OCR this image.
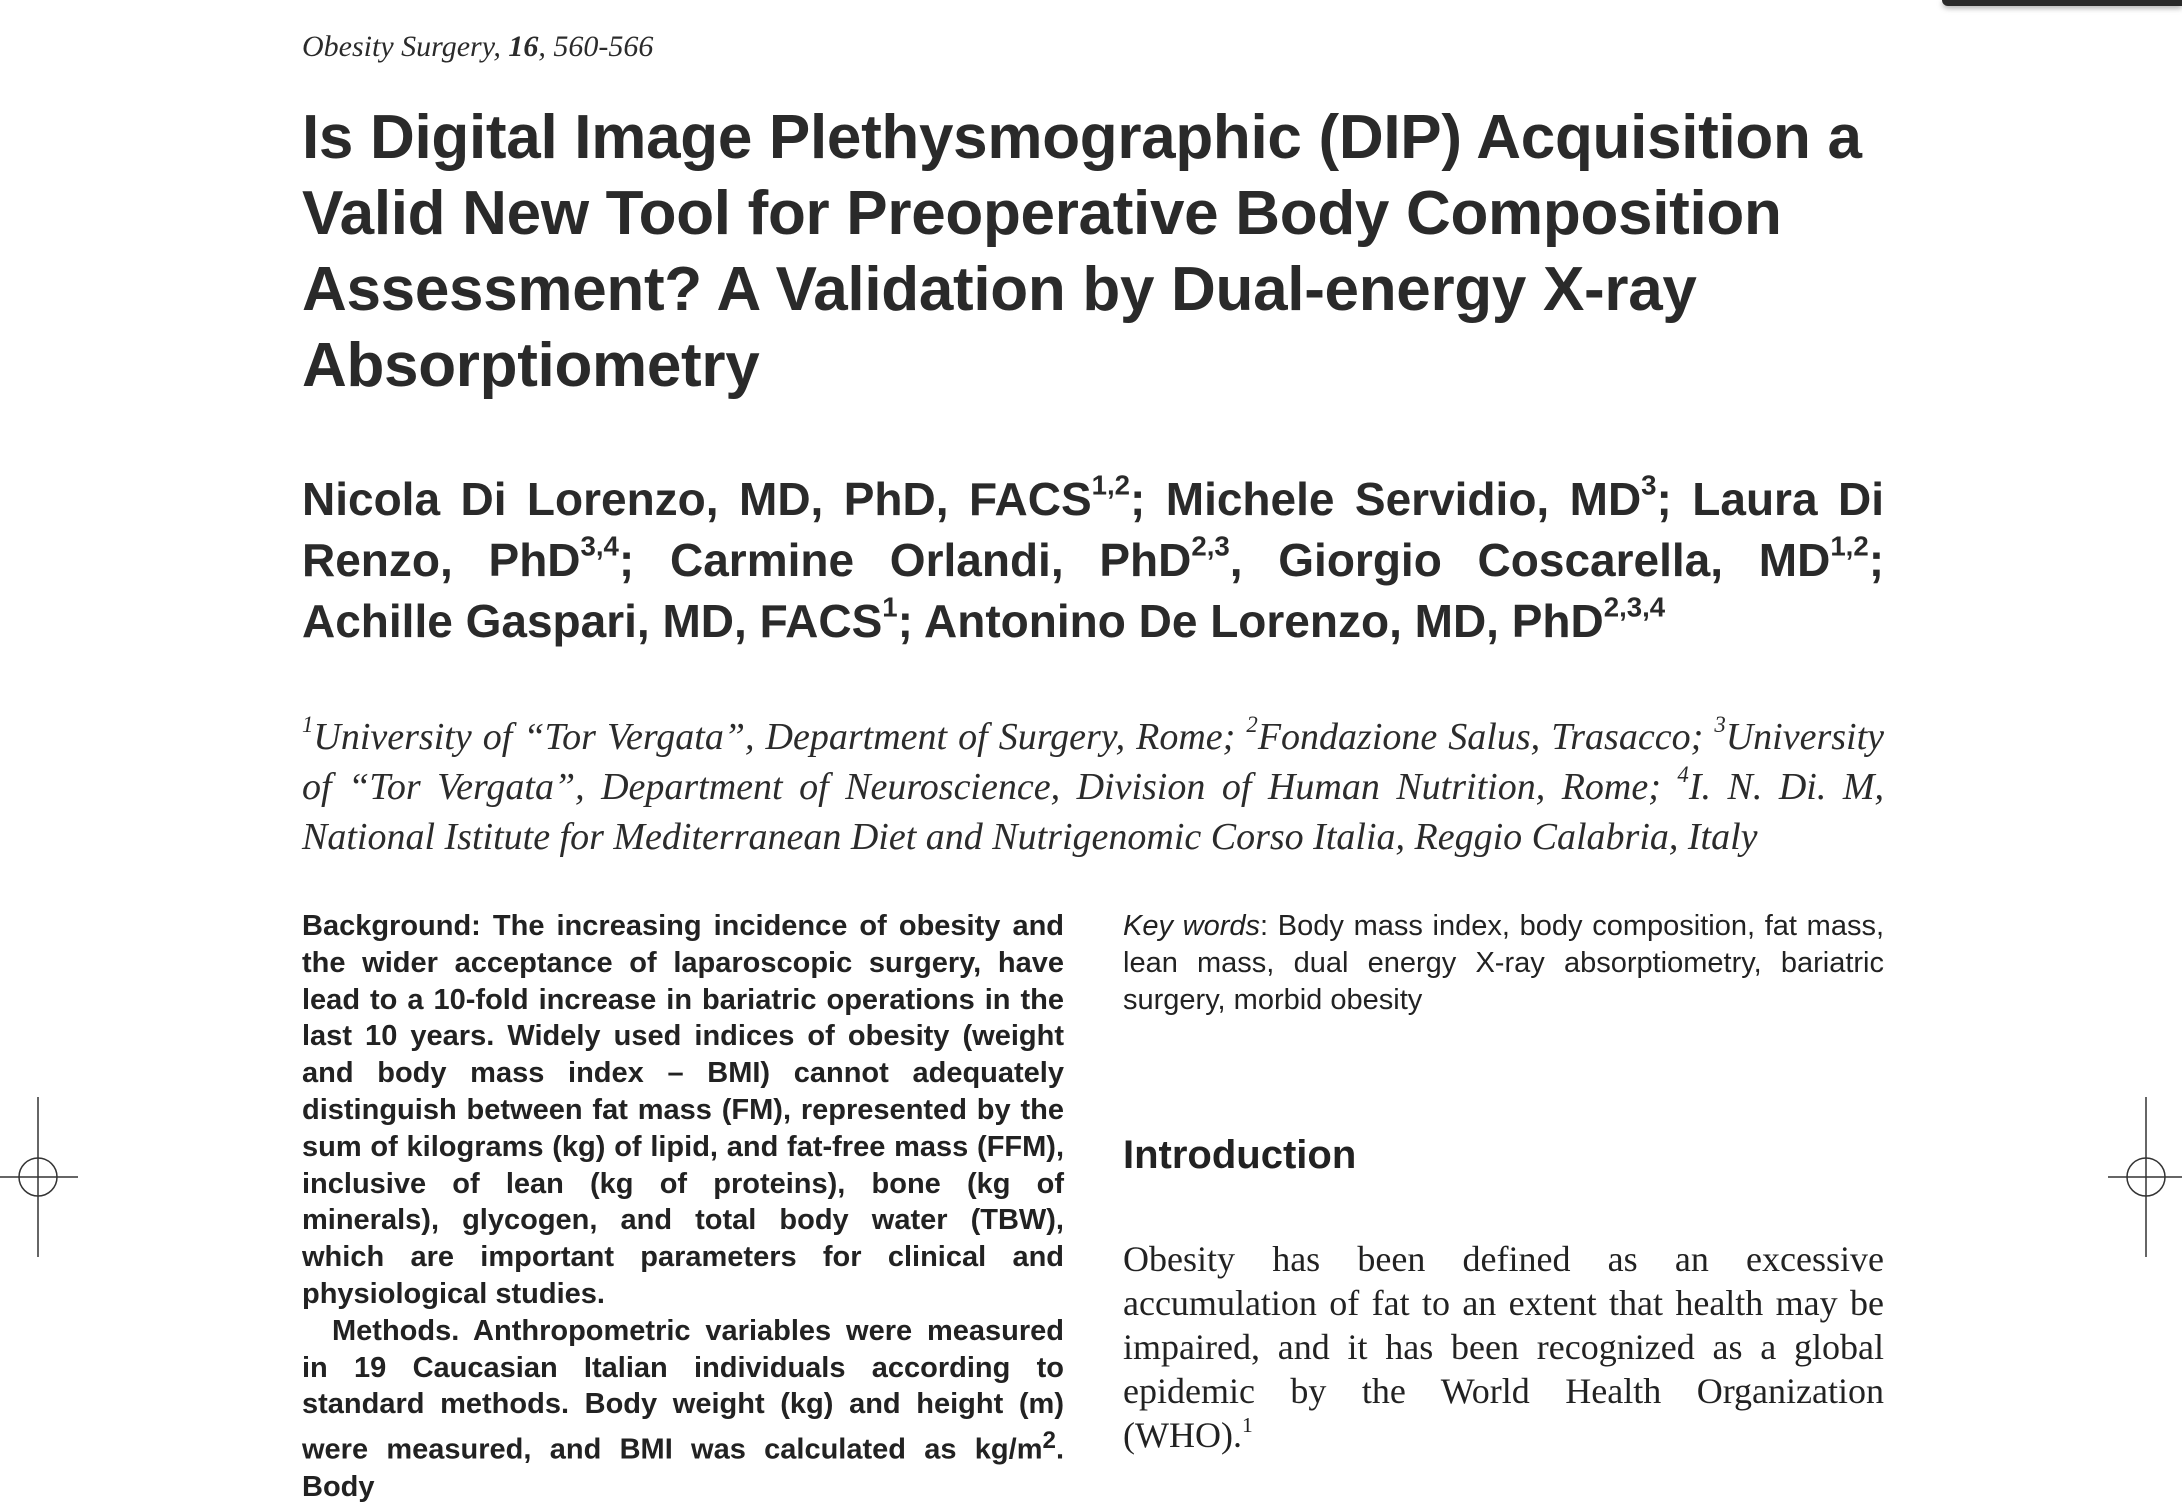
Obesity Surgery, 16, 560-566
Is Digital Image Plethysmographic (DIP) Acquisition a Valid New Tool for Preoperative Body Composition Assessment? A Validation by Dual-energy X-ray Absorptiometry

Nicola Di Lorenzo, MD, PhD, FACS$^{1,2}$; Michele Servidio, $MD^3$; Laura Di Renzo, PhD$^{3,4}$; Carmine Orlandi, PhD$^{2,3}$, Giorgio Coscarella, MD$^{1,2}$; Achille Gaspari, MD, FACS$^1$; Antonino De Lorenzo, MD, PhD$^{2,3,4}$

$^1$University of “Tor Vergata”, Department of Surgery, Rome; $^2$Fondazione Salus, Trasacco; $^3$University of “Tor Vergata”, Department of Neuroscience, Division of Human Nutrition, Rome; $^4$I. N. Di. M, National Istitute for Mediterranean Diet and Nutrigenomic Corso Italia, Reggio Calabria, Italy

Background: The increasing incidence of obesity and the wider acceptance of laparoscopic surgery, have lead to a 10-fold increase in bariatric operations in the last 10 years. Widely used indices of obesity (weight and body mass index – BMI) cannot adequately distinguish between fat mass (FM), represented by the sum of kilograms (kg) of lipid, and fat-free mass (FFM), inclusive of lean (kg of proteins), bone (kg of minerals), glycogen, and total body water (TBW), which are important parameters for clinical and physiological studies.

Methods. Anthropometric variables were measured in 19 Caucasian Italian individuals according to standard methods. Body weight (kg) and height (m) were measured, and BMI was calculated as $kg/m^2$. Body

Key words: Body mass index, body composition, fat mass, lean mass, dual energy X-ray absorptiometry, bariatric surgery, morbid obesity

Introduction

Obesity has been defined as an excessive accumulation of fat to an extent that health may be impaired, and it has been recognized as a global epidemic by the World Health Organization (WHO).$^1$
